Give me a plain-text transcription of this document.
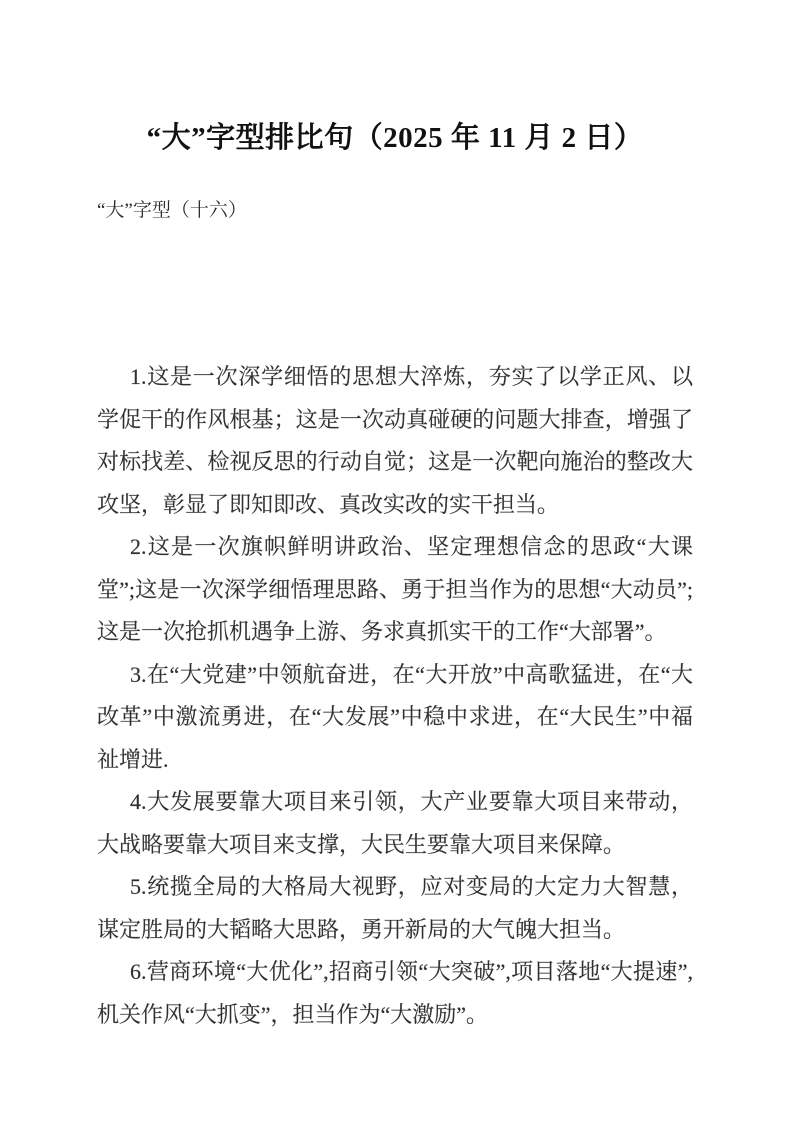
“大”字型排比句（2025 年 11 月 2 日）
“大”字型（十六）

1.这是一次深学细悟的思想大淬炼，夯实了以学正风、以学促干的作风根基；这是一次动真碰硬的问题大排查，增强了对标找差、检视反思的行动自觉；这是一次靶向施治的整改大攻坚，彰显了即知即改、真改实改的实干担当。

2.这是一次旗帜鲜明讲政治、坚定理想信念的思政“大课堂”;这是一次深学细悟理思路、勇于担当作为的思想“大动员”;这是一次抢抓机遇争上游、务求真抓实干的工作“大部署”。

3.在“大党建”中领航奋进，在“大开放”中高歌猛进，在“大改革”中激流勇进，在“大发展”中稳中求进，在“大民生”中福祉增进.

4.大发展要靠大项目来引领，大产业要靠大项目来带动，大战略要靠大项目来支撑，大民生要靠大项目来保障。

5.统揽全局的大格局大视野，应对变局的大定力大智慧，谋定胜局的大韬略大思路，勇开新局的大气魄大担当。

6.营商环境“大优化”,招商引领“大突破”,项目落地“大提速”,机关作风“大抓变”，担当作为“大激励”。
